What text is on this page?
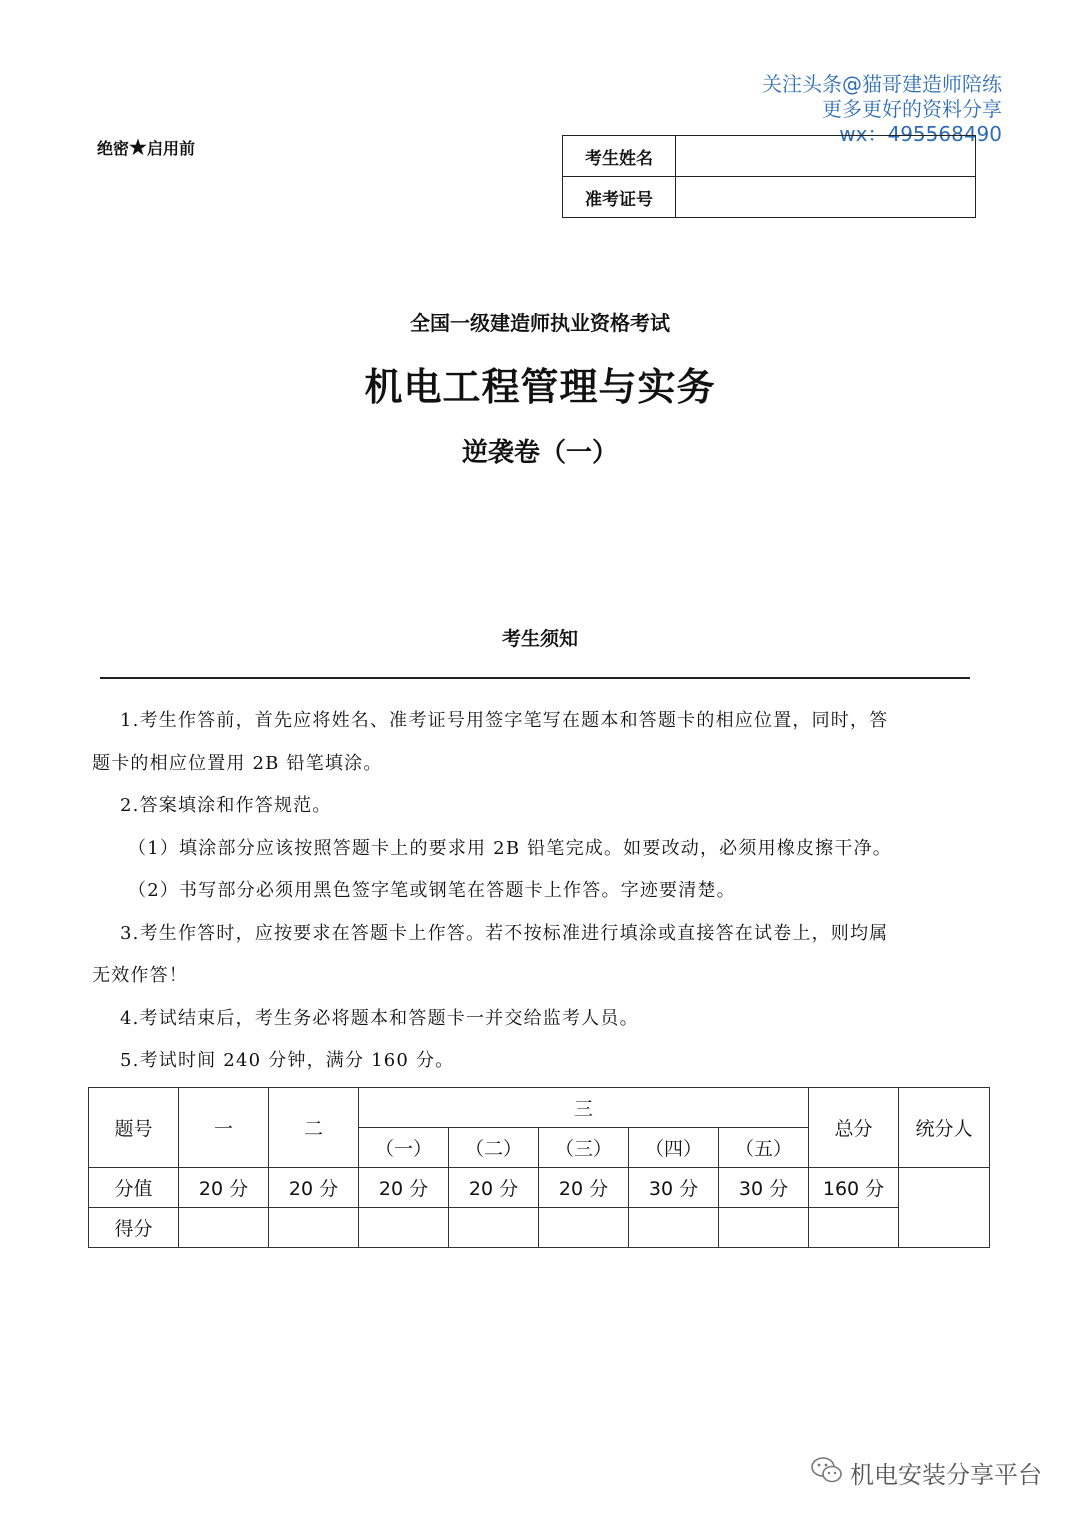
关注头条@猫哥建造师陪练
更多更好的资料分享
wx：495568490
绝密★启用前	考生姓名	
准考证号	
全国一级建造师执业资格考试
机电工程管理与实务
逆袭卷（一）
考生须知

1.考生作答前，首先应将姓名、准考证号用签字笔写在题本和答题卡的相应位置，同时，答

题卡的相应位置用 2B 铅笔填涂。

2.答案填涂和作答规范。

（1）填涂部分应该按照答题卡上的要求用 2B 铅笔完成。如要改动，必须用橡皮擦干净。

（2）书写部分必须用黑色签字笔或钢笔在答题卡上作答。字迹要清楚。

3.考生作答时，应按要求在答题卡上作答。若不按标准进行填涂或直接答在试卷上，则均属

无效作答！

4.考试结束后，考生务必将题本和答题卡一并交给监考人员。

5.考试时间 240 分钟，满分 160 分。

题号	一	二	三					总分	统分人
			（一）	（二）	（三）	（四）	（五）		
分值	20 分	20 分	20 分	20 分	20 分	30 分	30 分	160 分	
得分									
机电安装分享平台
